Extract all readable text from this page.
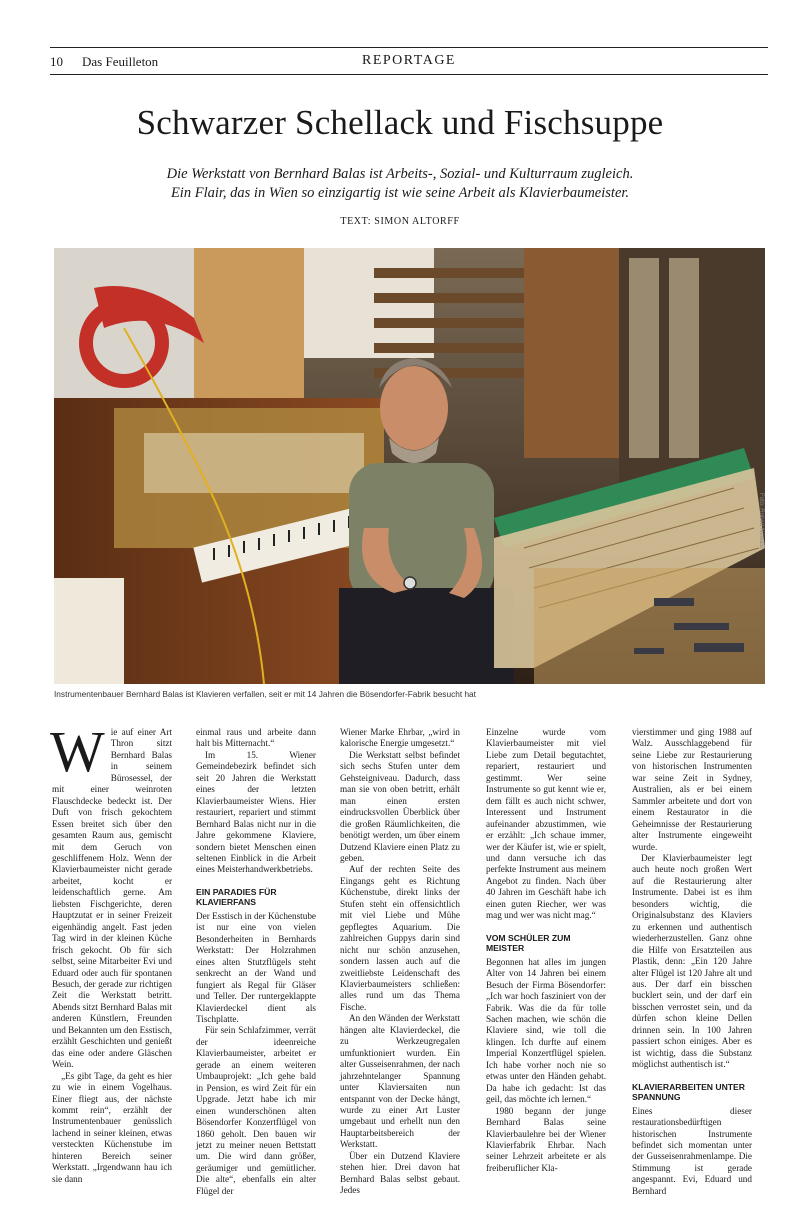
10 Das Feuilleton	REPORTAGE
Schwarzer Schellack und Fischsuppe
Die Werkstatt von Bernhard Balas ist Arbeits-, Sozial- und Kulturraum zugleich.
Ein Flair, das in Wien so einzigartig ist wie seine Arbeit als Klavierbaumeister.
TEXT: SIMON ALTORFF
Foto: Robert Newald
Instrumentenbauer Bernhard Balas ist Klavieren verfallen, seit er mit 14 Jahren die Bösendorfer-Fabrik besucht hat
W ie auf einer Art Thron sitzt Bernhard Balas in seinem Bürosessel, der mit einer weinroten Flauschdecke bedeckt ist. Der Duft von frisch gekochtem Essen breitet sich über den gesamten Raum aus, gemischt mit dem Geruch von geschliffenem Holz. Wenn der Klavierbaumeister nicht gerade arbeitet, kocht er leidenschaftlich gerne. Am liebsten Fischgerichte, deren Hauptzutat er in seiner Freizeit eigenhändig angelt. Fast jeden Tag wird in der kleinen Küche frisch gekocht. Ob für sich selbst, seine Mitarbeiter Evi und Eduard oder auch für spontanen Besuch, der gerade zur richtigen Zeit die Werkstatt betritt. Abends sitzt Bernhard Balas mit anderen Künstlern, Freunden und Bekannten um den Esstisch, erzählt Geschichten und genießt das eine oder andere Gläschen Wein.

„Es gibt Tage, da geht es hier zu wie in einem Vogelhaus. Einer fliegt aus, der nächste kommt rein“, erzählt der Instrumentenbauer genüsslich lachend in seiner kleinen, etwas versteckten Küchenstube im hinteren Bereich seiner Werkstatt. „Irgendwann hau ich sie dann

einmal raus und arbeite dann halt bis Mitternacht.“

Im 15. Wiener Gemeindebezirk befindet sich seit 20 Jahren die Werkstatt eines der letzten Klavierbaumeister Wiens. Hier restauriert, repariert und stimmt Bernhard Balas nicht nur in die Jahre gekommene Klaviere, sondern bietet Menschen einen seltenen Einblick in die Arbeit eines Meisterhandwerkbetriebs.

EIN PARADIES FÜR KLAVIERFANS

Der Esstisch in der Küchenstube ist nur eine von vielen Besonderheiten in Bernhards Werkstatt: Der Holzrahmen eines alten Stutzflügels steht senkrecht an der Wand und fungiert als Regal für Gläser und Teller. Der runtergeklappte Klavierdeckel dient als Tischplatte.

Für sein Schlafzimmer, verrät der ideenreiche Klavierbaumeister, arbeitet er gerade an einem weiteren Umbauprojekt: „Ich gehe bald in Pension, es wird Zeit für ein Upgrade. Jetzt habe ich mir einen wunderschönen alten Bösendorfer Konzertflügel von 1860 geholt. Den bauen wir jetzt zu meiner neuen Bettstatt um. Die wird dann größer, geräumiger und gemütlicher. Die alte“, ebenfalls ein alter Flügel der

Wiener Marke Ehrbar, „wird in kalorische Energie umgesetzt.“

Die Werkstatt selbst befindet sich sechs Stufen unter dem Gehsteigniveau. Dadurch, dass man sie von oben betritt, erhält man einen ersten eindrucksvollen Überblick über die großen Räumlichkeiten, die benötigt werden, um über einem Dutzend Klaviere einen Platz zu geben.

Auf der rechten Seite des Eingangs geht es Richtung Küchenstube, direkt links der Stufen steht ein offensichtlich mit viel Liebe und Mühe gepflegtes Aquarium. Die zahlreichen Guppys darin sind nicht nur schön anzusehen, sondern lassen auch auf die zweitliebste Leidenschaft des Klavierbaumeisters schließen: alles rund um das Thema Fische.

An den Wänden der Werkstatt hängen alte Klavierdeckel, die zu Werkzeugregalen umfunktioniert wurden. Ein alter Gusseisenrahmen, der nach jahrzehntelanger Spannung unter Klaviersaiten nun entspannt von der Decke hängt, wurde zu einer Art Luster umgebaut und erhellt nun den Hauptarbeitsbereich der Werkstatt.

Über ein Dutzend Klaviere stehen hier. Drei davon hat Bernhard Balas selbst gebaut. Jedes

Einzelne wurde vom Klavierbaumeister mit viel Liebe zum Detail begutachtet, repariert, restauriert und gestimmt. Wer seine Instrumente so gut kennt wie er, dem fällt es auch nicht schwer, Interessent und Instrument aufeinander abzustimmen, wie er erzählt: „Ich schaue immer, wer der Käufer ist, wie er spielt, und dann versuche ich das perfekte Instrument aus meinem Angebot zu finden. Nach über 40 Jahren im Geschäft habe ich einen guten Riecher, wer was mag und wer was nicht mag.“

VOM SCHÜLER ZUM MEISTER

Begonnen hat alles im jungen Alter von 14 Jahren bei einem Besuch der Firma Bösendorfer: „Ich war hoch fasziniert von der Fabrik. Was die da für tolle Sachen machen, wie schön die Klaviere sind, wie toll die klingen. Ich durfte auf einem Imperial Konzertflügel spielen. Ich habe vorher noch nie so etwas unter den Händen gehabt. Da habe ich gedacht: Ist das geil, das möchte ich lernen.“

1980 begann der junge Bernhard Balas seine Klavierbaulehre bei der Wiener Klavierfabrik Ehrbar. Nach seiner Lehrzeit arbeitete er als freiberuflicher Kla-

vierstimmer und ging 1988 auf Walz. Ausschlaggebend für seine Liebe zur Restaurierung von historischen Instrumenten war seine Zeit in Sydney, Australien, als er bei einem Sammler arbeitete und dort von einem Restaurator in die Geheimnisse der Restaurierung alter Instrumente eingeweiht wurde.

Der Klavierbaumeister legt auch heute noch großen Wert auf die Restaurierung alter Instrumente. Dabei ist es ihm besonders wichtig, die Originalsubstanz des Klaviers zu erkennen und authentisch wiederherzustellen. Ganz ohne die Hilfe von Ersatzteilen aus Plastik, denn: „Ein 120 Jahre alter Flügel ist 120 Jahre alt und aus. Der darf ein bisschen bucklert sein, und der darf ein bisschen verrostet sein, und da dürfen schon kleine Dellen drinnen sein. In 100 Jahren passiert schon einiges. Aber es ist wichtig, dass die Substanz möglichst authentisch ist.“

KLAVIERARBEITEN UNTER SPANNUNG

Eines dieser restaurationsbedürftigen historischen Instrumente befindet sich momentan unter der Gusseisenrahmenlampe. Die Stimmung ist gerade angespannt. Evi, Eduard und Bernhard
